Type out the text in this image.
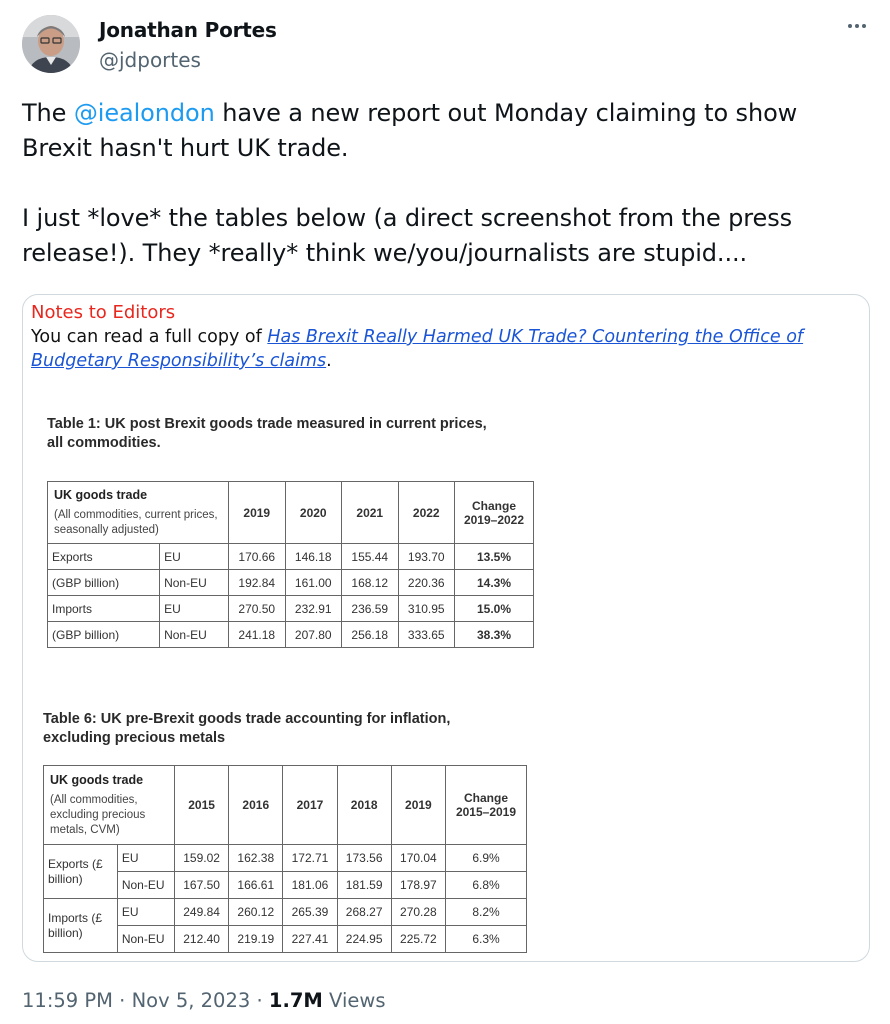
Jonathan Portes
@jdportes

The @iealondon have a new report out Monday claiming to show Brexit hasn't hurt UK trade.

I just *love* the tables below (a direct screenshot from the press release!). They *really* think we/you/journalists are stupid....

Notes to Editors
You can read a full copy of Has Brexit Really Harmed UK Trade? Countering the Office of Budgetary Responsibility’s claims.
Table 1: UK post Brexit goods trade measured in current prices,
all commodities.
UK goods trade
(All commodities, current prices, seasonally adjusted)		2019	2020	2021	2022	Change 2019–2022
Exports	EU	170.66	146.18	155.44	193.70	13.5%
(GBP billion)	Non-EU	192.84	161.00	168.12	220.36	14.3%
Imports	EU	270.50	232.91	236.59	310.95	15.0%
(GBP billion)	Non-EU	241.18	207.80	256.18	333.65	38.3%
Table 6: UK pre-Brexit goods trade accounting for inflation,
excluding precious metals
UK goods trade
(All commodities, excluding precious metals, CVM)		2015	2016	2017	2018	2019	Change 2015–2019
Exports (£ billion)	EU	159.02	162.38	172.71	173.56	170.04	6.9%
	Non-EU	167.50	166.61	181.06	181.59	178.97	6.8%
Imports (£ billion)	EU	249.84	260.12	265.39	268.27	270.28	8.2%
	Non-EU	212.40	219.19	227.41	224.95	225.72	6.3%
11:59 PM · Nov 5, 2023 · 1.7M Views
